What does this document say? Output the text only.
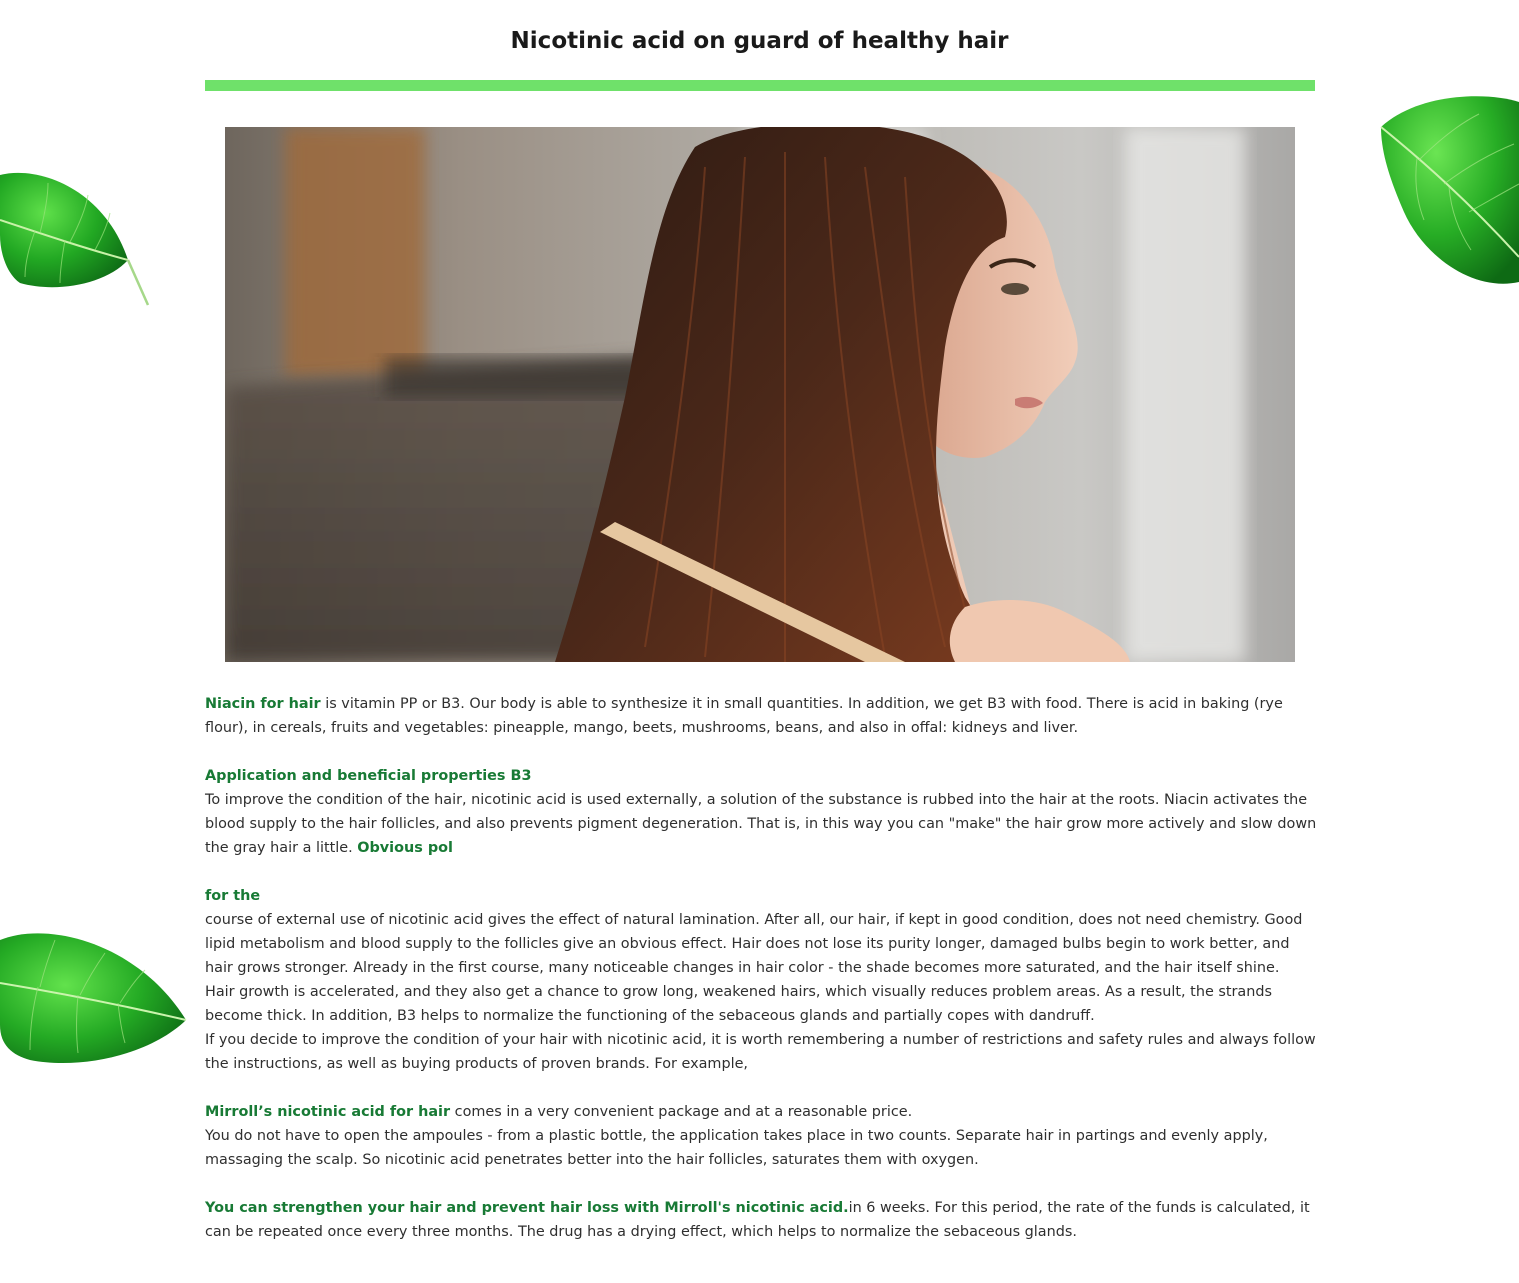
Nicotinic acid on guard of healthy hair

Niacin for hair is vitamin PP or B3. Our body is able to synthesize it in small quantities. In addition, we get B3 with food. There is acid in baking (rye flour), in cereals, fruits and vegetables: pineapple, mango, beets, mushrooms, beans, and also in offal: kidneys and liver.

Application and beneficial properties B3

To improve the condition of the hair, nicotinic acid is used externally, a solution of the substance is rubbed into the hair at the roots. Niacin activates the blood supply to the hair follicles, and also prevents pigment degeneration. That is, in this way you can "make" the hair grow more actively and slow down the gray hair a little. Obvious pol

for the

course of external use of nicotinic acid gives the effect of natural lamination. After all, our hair, if kept in good condition, does not need chemistry. Good lipid metabolism and blood supply to the follicles give an obvious effect. Hair does not lose its purity longer, damaged bulbs begin to work better, and hair grows stronger. Already in the first course, many noticeable changes in hair color - the shade becomes more saturated, and the hair itself shine.

Hair growth is accelerated, and they also get a chance to grow long, weakened hairs, which visually reduces problem areas. As a result, the strands become thick. In addition, B3 helps to normalize the functioning of the sebaceous glands and partially copes with dandruff.

If you decide to improve the condition of your hair with nicotinic acid, it is worth remembering a number of restrictions and safety rules and always follow the instructions, as well as buying products of proven brands. For example,

Mirroll’s nicotinic acid for hair comes in a very convenient package and at a reasonable price.

You do not have to open the ampoules - from a plastic bottle, the application takes place in two counts. Separate hair in partings and evenly apply, massaging the scalp. So nicotinic acid penetrates better into the hair follicles, saturates them with oxygen.

You can strengthen your hair and prevent hair loss with Mirroll's nicotinic acid.in 6 weeks. For this period, the rate of the funds is calculated, it can be repeated once every three months. The drug has a drying effect, which helps to normalize the sebaceous glands.
